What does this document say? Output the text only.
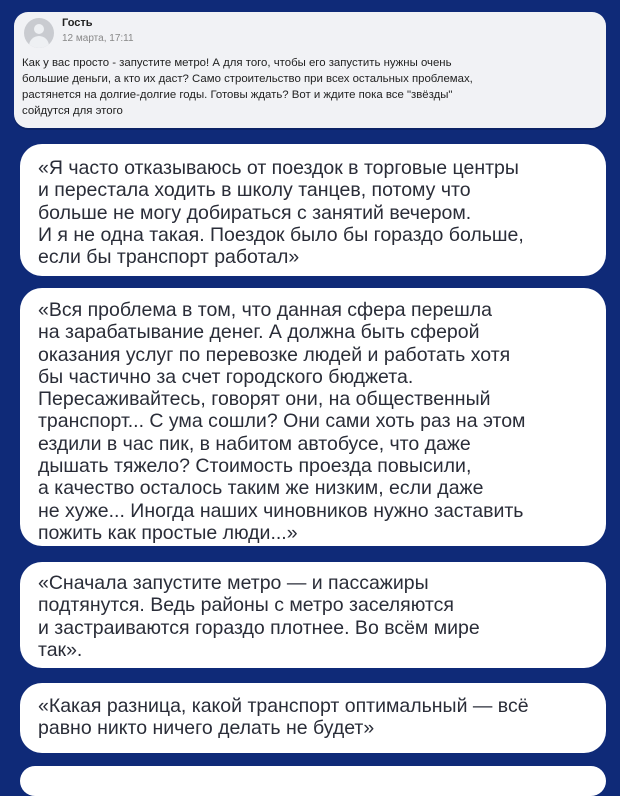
Гость
12 марта, 17:11
Как у вас просто - запустите метро! А для того, чтобы его запустить нужны очень
большие деньги, а кто их даст? Само строительство при всех остальных проблемах,
растянется на долгие-долгие годы. Готовы ждать? Вот и ждите пока все "звёзды"
сойдутся для этого

«Я часто отказываюсь от поездок в торговые центры
и перестала ходить в школу танцев, потому что
больше не могу добираться с занятий вечером.
И я не одна такая. Поездок было бы гораздо больше,
если бы транспорт работал»

«Вся проблема в том, что данная сфера перешла
на зарабатывание денег. А должна быть сферой
оказания услуг по перевозке людей и работать хотя
бы частично за счет городского бюджета.
Пересаживайтесь, говорят они, на общественный
транспорт... С ума сошли? Они сами хоть раз на этом
ездили в час пик, в набитом автобусе, что даже
дышать тяжело? Стоимость проезда повысили,
а качество осталось таким же низким, если даже
не хуже... Иногда наших чиновников нужно заставить
пожить как простые люди...»

«Сначала запустите метро — и пассажиры
подтянутся. Ведь районы с метро заселяются
и застраиваются гораздо плотнее. Во всём мире
так».

«Какая разница, какой транспорт оптимальный — всё
равно никто ничего делать не будет»
